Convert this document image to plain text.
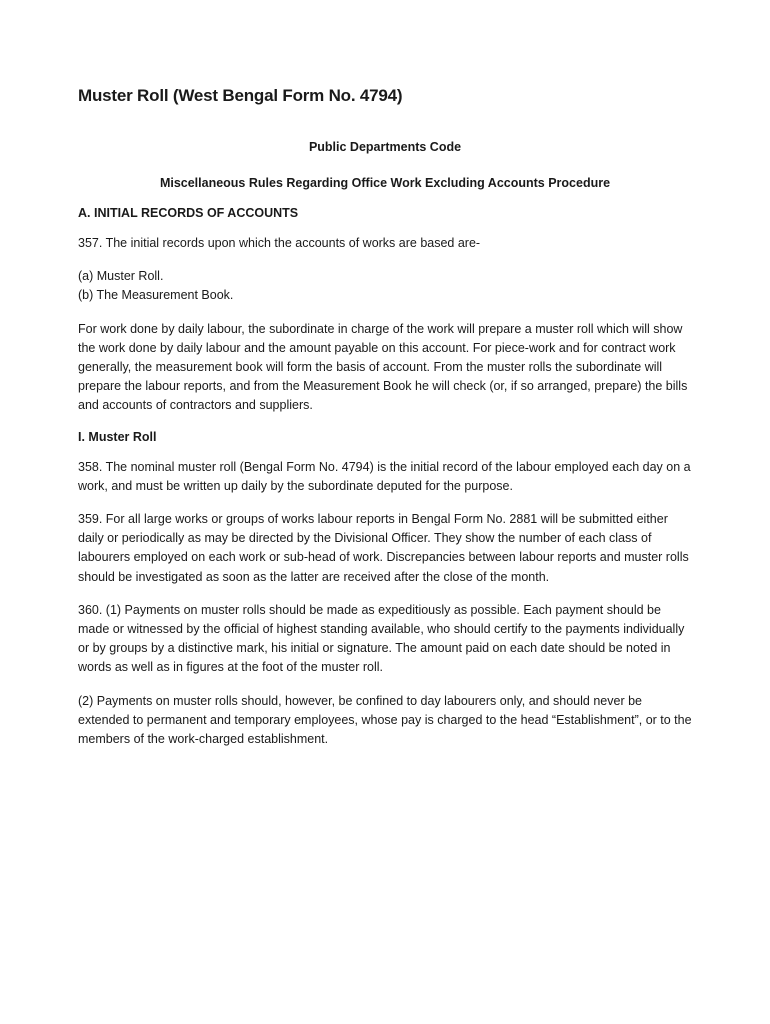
Muster Roll (West Bengal Form No. 4794)
Public Departments Code
Miscellaneous Rules Regarding Office Work Excluding Accounts Procedure
A. INITIAL RECORDS OF ACCOUNTS

357. The initial records upon which the accounts of works are based are-

(a) Muster Roll.
(b) The Measurement Book.

For work done by daily labour, the subordinate in charge of the work will prepare a muster roll which will show the work done by daily labour and the amount payable on this account. For piece-work and for contract work generally, the measurement book will form the basis of account. From the muster rolls the subordinate will prepare the labour reports, and from the Measurement Book he will check (or, if so arranged, prepare) the bills and accounts of contractors and suppliers.

I. Muster Roll

358. The nominal muster roll (Bengal Form No. 4794) is the initial record of the labour employed each day on a work, and must be written up daily by the subordinate deputed for the purpose.

359. For all large works or groups of works labour reports in Bengal Form No. 2881 will be submitted either daily or periodically as may be directed by the Divisional Officer. They show the number of each class of labourers employed on each work or sub-head of work. Discrepancies between labour reports and muster rolls should be investigated as soon as the latter are received after the close of the month.

360. (1) Payments on muster rolls should be made as expeditiously as possible. Each payment should be made or witnessed by the official of highest standing available, who should certify to the payments individually or by groups by a distinctive mark, his initial or signature. The amount paid on each date should be noted in words as well as in figures at the foot of the muster roll.

(2) Payments on muster rolls should, however, be confined to day labourers only, and should never be extended to permanent and temporary employees, whose pay is charged to the head “Establishment”, or to the members of the work-charged establishment.
